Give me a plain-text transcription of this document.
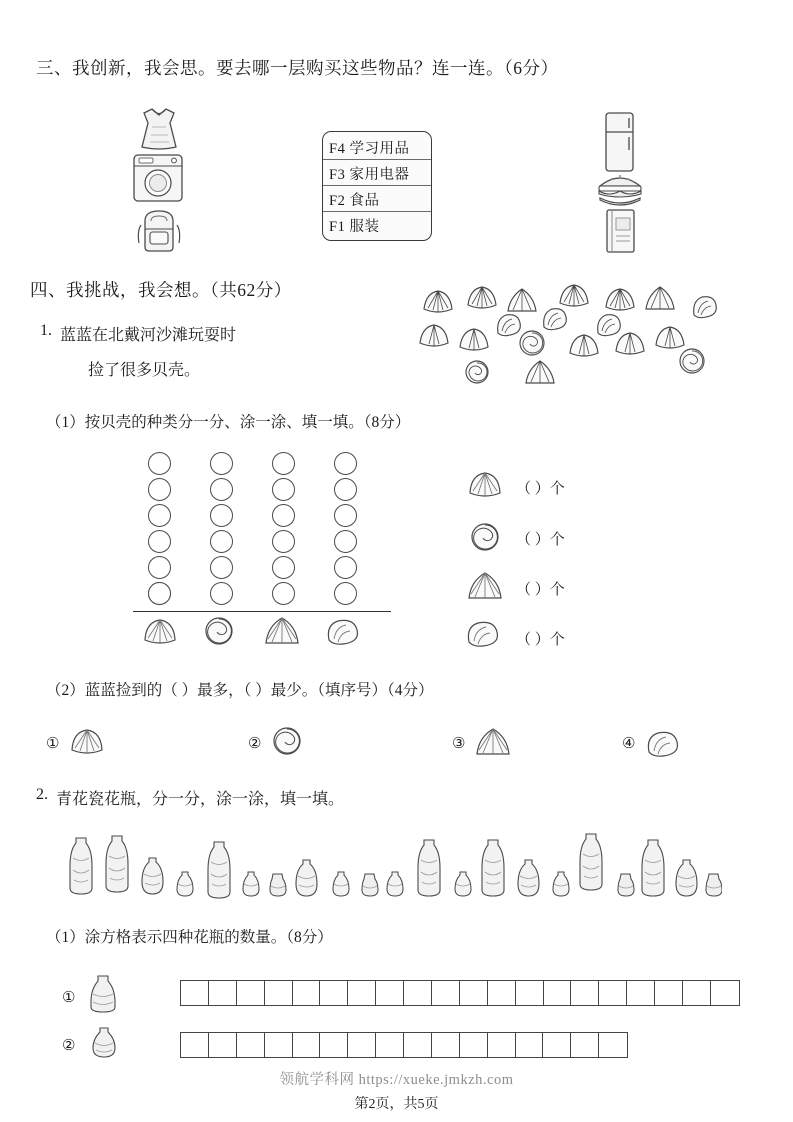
三、我创新，我会思。要去哪一层购买这些物品？连一连。（6分）
F4 学习用品
F3 家用电器
F2 食品
F1 服装
四、我挑战，我会想。（共62分）
1. 蓝蓝在北戴河沙滩玩耍时
捡了很多贝壳。
（1）按贝壳的种类分一分、涂一涂、填一填。（8分）
（ ）个
（ ）个
（ ）个
（ ）个
（2）蓝蓝捡到的（ ）最多，（ ）最少。（填序号）（4分）
①	②	③	④
2. 青花瓷花瓶，分一分，涂一涂，填一填。
（1）涂方格表示四种花瓶的数量。（8分）
①
②
领航学科网 https://xueke.jmkzh.com
第2页，共5页
